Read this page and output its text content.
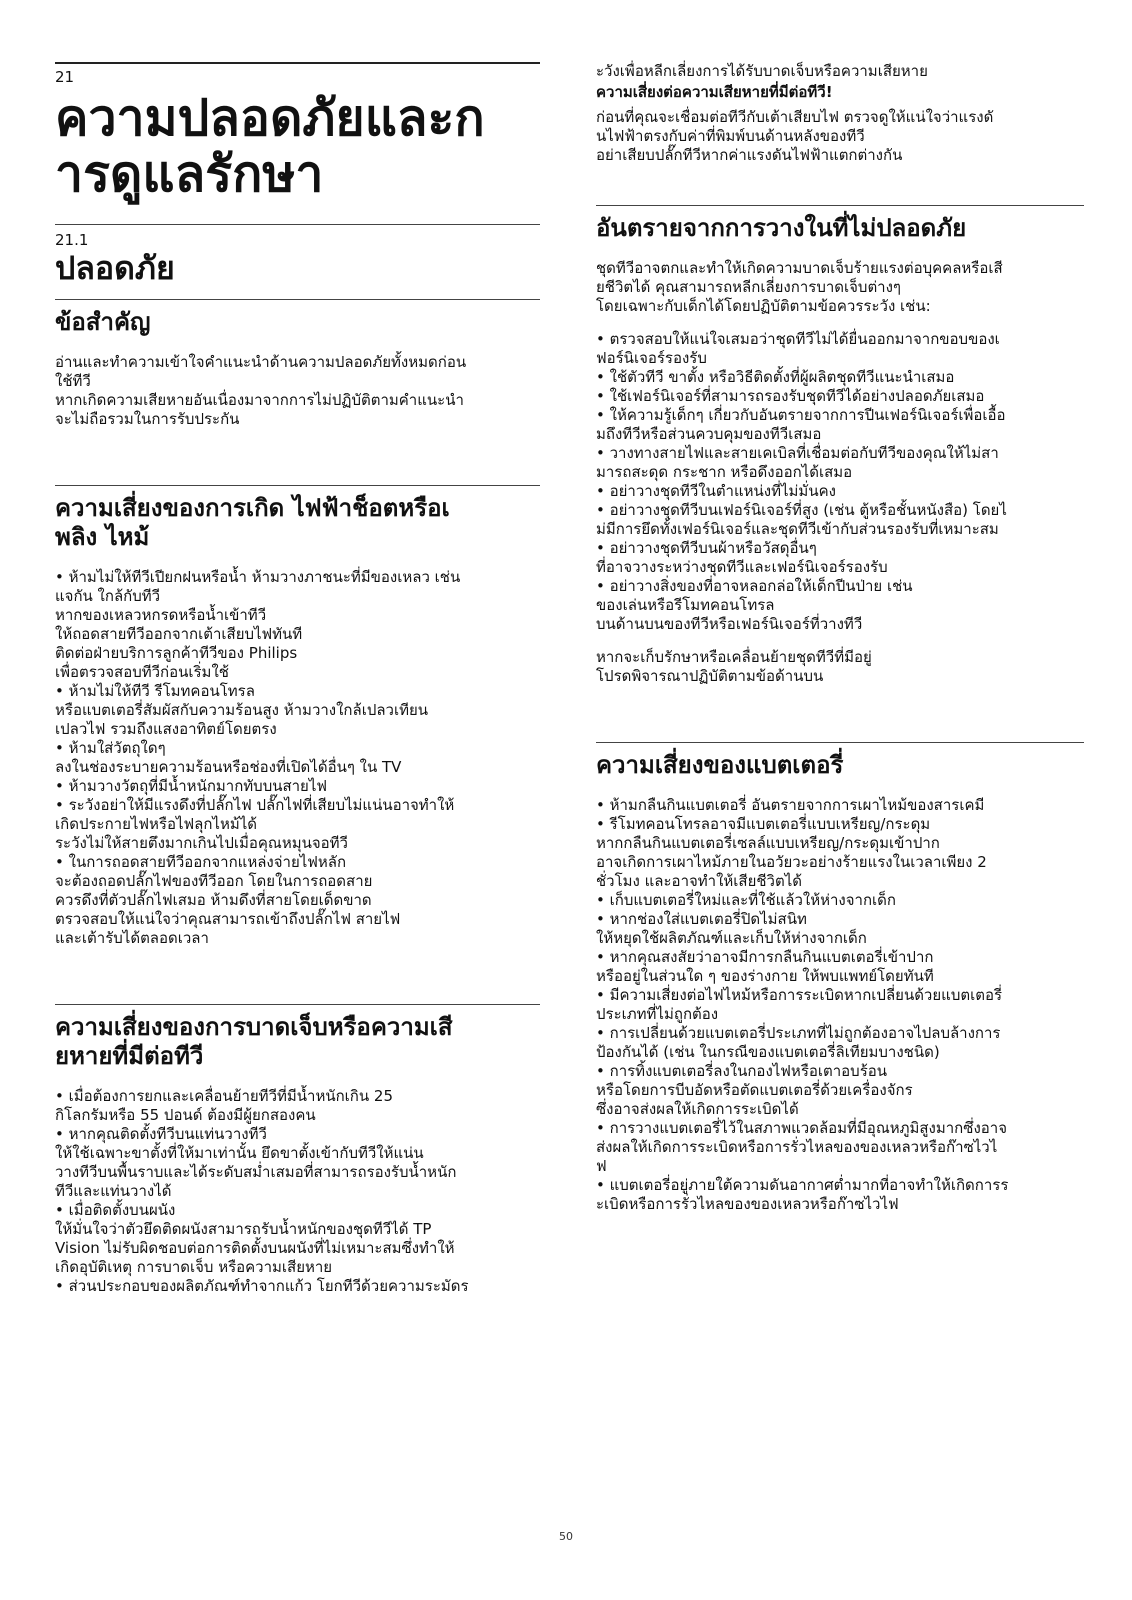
21
ความปลอดภัยและก
ารดูแลรักษา
21.1
ปลอดภัย
ข้อสำคัญ
อ่านและทำความเข้าใจคำแนะนำด้านความปลอดภัยทั้งหมดก่อน
ใช้ทีวี
หากเกิดความเสียหายอันเนื่องมาจากการไม่ปฏิบัติตามคำแนะนำ
จะไม่ถือรวมในการรับประกัน
ความเสี่ยงของการเกิด ไฟฟ้าช็อตหรือเ
พลิง ไหม้
• ห้ามไม่ให้ทีวีเปียกฝนหรือน้ำ ห้ามวางภาชนะที่มีของเหลว เช่น
แจกัน ใกล้กับทีวี
หากของเหลวหกรดหรือน้ำเข้าทีวี
ให้ถอดสายทีวีออกจากเต้าเสียบไฟทันที
ติดต่อฝ่ายบริการลูกค้าทีวีของ Philips
เพื่อตรวจสอบทีวีก่อนเริ่มใช้
• ห้ามไม่ให้ทีวี รีโมทคอนโทรล
หรือแบตเตอรี่สัมผัสกับความร้อนสูง ห้ามวางใกล้เปลวเทียน
เปลวไฟ รวมถึงแสงอาทิตย์โดยตรง
• ห้ามใส่วัตถุใดๆ
ลงในช่องระบายความร้อนหรือช่องที่เปิดได้อื่นๆ ใน TV
• ห้ามวางวัตถุที่มีน้ำหนักมากทับบนสายไฟ
• ระวังอย่าให้มีแรงดึงที่ปลั๊กไฟ ปลั๊กไฟที่เสียบไม่แน่นอาจทำให้
เกิดประกายไฟหรือไฟลุกไหม้ได้
ระวังไม่ให้สายตึงมากเกินไปเมื่อคุณหมุนจอทีวี
• ในการถอดสายทีวีออกจากแหล่งจ่ายไฟหลัก
จะต้องถอดปลั๊กไฟของทีวีออก โดยในการถอดสาย
ควรดึงที่ตัวปลั๊กไฟเสมอ ห้ามดึงที่สายโดยเด็ดขาด
ตรวจสอบให้แน่ใจว่าคุณสามารถเข้าถึงปลั๊กไฟ สายไฟ
และเต้ารับได้ตลอดเวลา
ความเสี่ยงของการบาดเจ็บหรือความเสี
ยหายที่มีต่อทีวี
• เมื่อต้องการยกและเคลื่อนย้ายทีวีที่มีน้ำหนักเกิน 25
กิโลกรัมหรือ 55 ปอนด์ ต้องมีผู้ยกสองคน
• หากคุณติดตั้งทีวีบนแท่นวางทีวี
ให้ใช้เฉพาะขาตั้งที่ให้มาเท่านั้น ยึดขาตั้งเข้ากับทีวีให้แน่น
วางทีวีบนพื้นราบและได้ระดับสม่ำเสมอที่สามารถรองรับน้ำหนัก
ทีวีและแท่นวางได้
• เมื่อติดตั้งบนผนัง
ให้มั่นใจว่าตัวยึดติดผนังสามารถรับน้ำหนักของชุดทีวีได้ TP
Vision ไม่รับผิดชอบต่อการติดตั้งบนผนังที่ไม่เหมาะสมซึ่งทำให้
เกิดอุบัติเหตุ การบาดเจ็บ หรือความเสียหาย
• ส่วนประกอบของผลิตภัณฑ์ทำจากแก้ว โยกทีวีด้วยความระมัดร
ะวังเพื่อหลีกเลี่ยงการได้รับบาดเจ็บหรือความเสียหาย
ความเสี่ยงต่อความเสียหายที่มีต่อทีวี!
ก่อนที่คุณจะเชื่อมต่อทีวีกับเต้าเสียบไฟ ตรวจดูให้แน่ใจว่าแรงดั
นไฟฟ้าตรงกับค่าที่พิมพ์บนด้านหลังของทีวี
อย่าเสียบปลั๊กทีวีหากค่าแรงดันไฟฟ้าแตกต่างกัน
อันตรายจากการวางในที่ไม่ปลอดภัย
ชุดทีวีอาจตกและทำให้เกิดความบาดเจ็บร้ายแรงต่อบุคคลหรือเสี
ยชีวิตได้ คุณสามารถหลีกเลี่ยงการบาดเจ็บต่างๆ
โดยเฉพาะกับเด็กได้โดยปฏิบัติตามข้อควรระวัง เช่น:
• ตรวจสอบให้แน่ใจเสมอว่าชุดทีวีไม่ได้ยื่นออกมาจากขอบของเ
ฟอร์นิเจอร์รองรับ
• ใช้ตัวทีวี ขาตั้ง หรือวิธีติดตั้งที่ผู้ผลิตชุดทีวีแนะนำเสมอ
• ใช้เฟอร์นิเจอร์ที่สามารถรองรับชุดทีวีได้อย่างปลอดภัยเสมอ
• ให้ความรู้เด็กๆ เกี่ยวกับอันตรายจากการปีนเฟอร์นิเจอร์เพื่อเอื้อ
มถึงทีวีหรือส่วนควบคุมของทีวีเสมอ
• วางทางสายไฟและสายเคเบิลที่เชื่อมต่อกับทีวีของคุณให้ไม่สา
มารถสะดุด กระชาก หรือดึงออกได้เสมอ
• อย่าวางชุดทีวีในตำแหน่งที่ไม่มั่นคง
• อย่าวางชุดทีวีบนเฟอร์นิเจอร์ที่สูง (เช่น ตู้หรือชั้นหนังสือ) โดยไ
ม่มีการยึดทั้งเฟอร์นิเจอร์และชุดทีวีเข้ากับส่วนรองรับที่เหมาะสม
• อย่าวางชุดทีวีบนผ้าหรือวัสดุอื่นๆ
ที่อาจวางระหว่างชุดทีวีและเฟอร์นิเจอร์รองรับ
• อย่าวางสิ่งของที่อาจหลอกล่อให้เด็กปีนป่าย เช่น
ของเล่นหรือรีโมทคอนโทรล
บนด้านบนของทีวีหรือเฟอร์นิเจอร์ที่วางทีวี
หากจะเก็บรักษาหรือเคลื่อนย้ายชุดทีวีที่มีอยู่
โปรดพิจารณาปฏิบัติตามข้อด้านบน
ความเสี่ยงของแบตเตอรี่
• ห้ามกลืนกินแบตเตอรี่ อันตรายจากการเผาไหม้ของสารเคมี
• รีโมทคอนโทรลอาจมีแบตเตอรี่แบบเหรียญ/กระดุม
หากกลืนกินแบตเตอรี่เซลล์แบบเหรียญ/กระดุมเข้าปาก
อาจเกิดการเผาไหม้ภายในอวัยวะอย่างร้ายแรงในเวลาเพียง 2
ชั่วโมง และอาจทำให้เสียชีวิตได้
• เก็บแบตเตอรี่ใหม่และที่ใช้แล้วให้ห่างจากเด็ก
• หากช่องใส่แบตเตอรี่ปิดไม่สนิท
ให้หยุดใช้ผลิตภัณฑ์และเก็บให้ห่างจากเด็ก
• หากคุณสงสัยว่าอาจมีการกลืนกินแบตเตอรี่เข้าปาก
หรืออยู่ในส่วนใด ๆ ของร่างกาย ให้พบแพทย์โดยทันที
• มีความเสี่ยงต่อไฟไหม้หรือการระเบิดหากเปลี่ยนด้วยแบตเตอรี่
ประเภทที่ไม่ถูกต้อง
• การเปลี่ยนด้วยแบตเตอรี่ประเภทที่ไม่ถูกต้องอาจไปลบล้างการ
ป้องกันได้ (เช่น ในกรณีของแบตเตอรี่ลิเทียมบางชนิด)
• การทิ้งแบตเตอรี่ลงในกองไฟหรือเตาอบร้อน
หรือโดยการบีบอัดหรือตัดแบตเตอรี่ด้วยเครื่องจักร
ซึ่งอาจส่งผลให้เกิดการระเบิดได้
• การวางแบตเตอรี่ไว้ในสภาพแวดล้อมที่มีอุณหภูมิสูงมากซึ่งอาจ
ส่งผลให้เกิดการระเบิดหรือการรั่วไหลของของเหลวหรือก๊าซไวไ
ฟ
• แบตเตอรี่อยู่ภายใต้ความดันอากาศต่ำมากที่อาจทำให้เกิดการร
ะเบิดหรือการรั่วไหลของของเหลวหรือก๊าซไวไฟ
50
